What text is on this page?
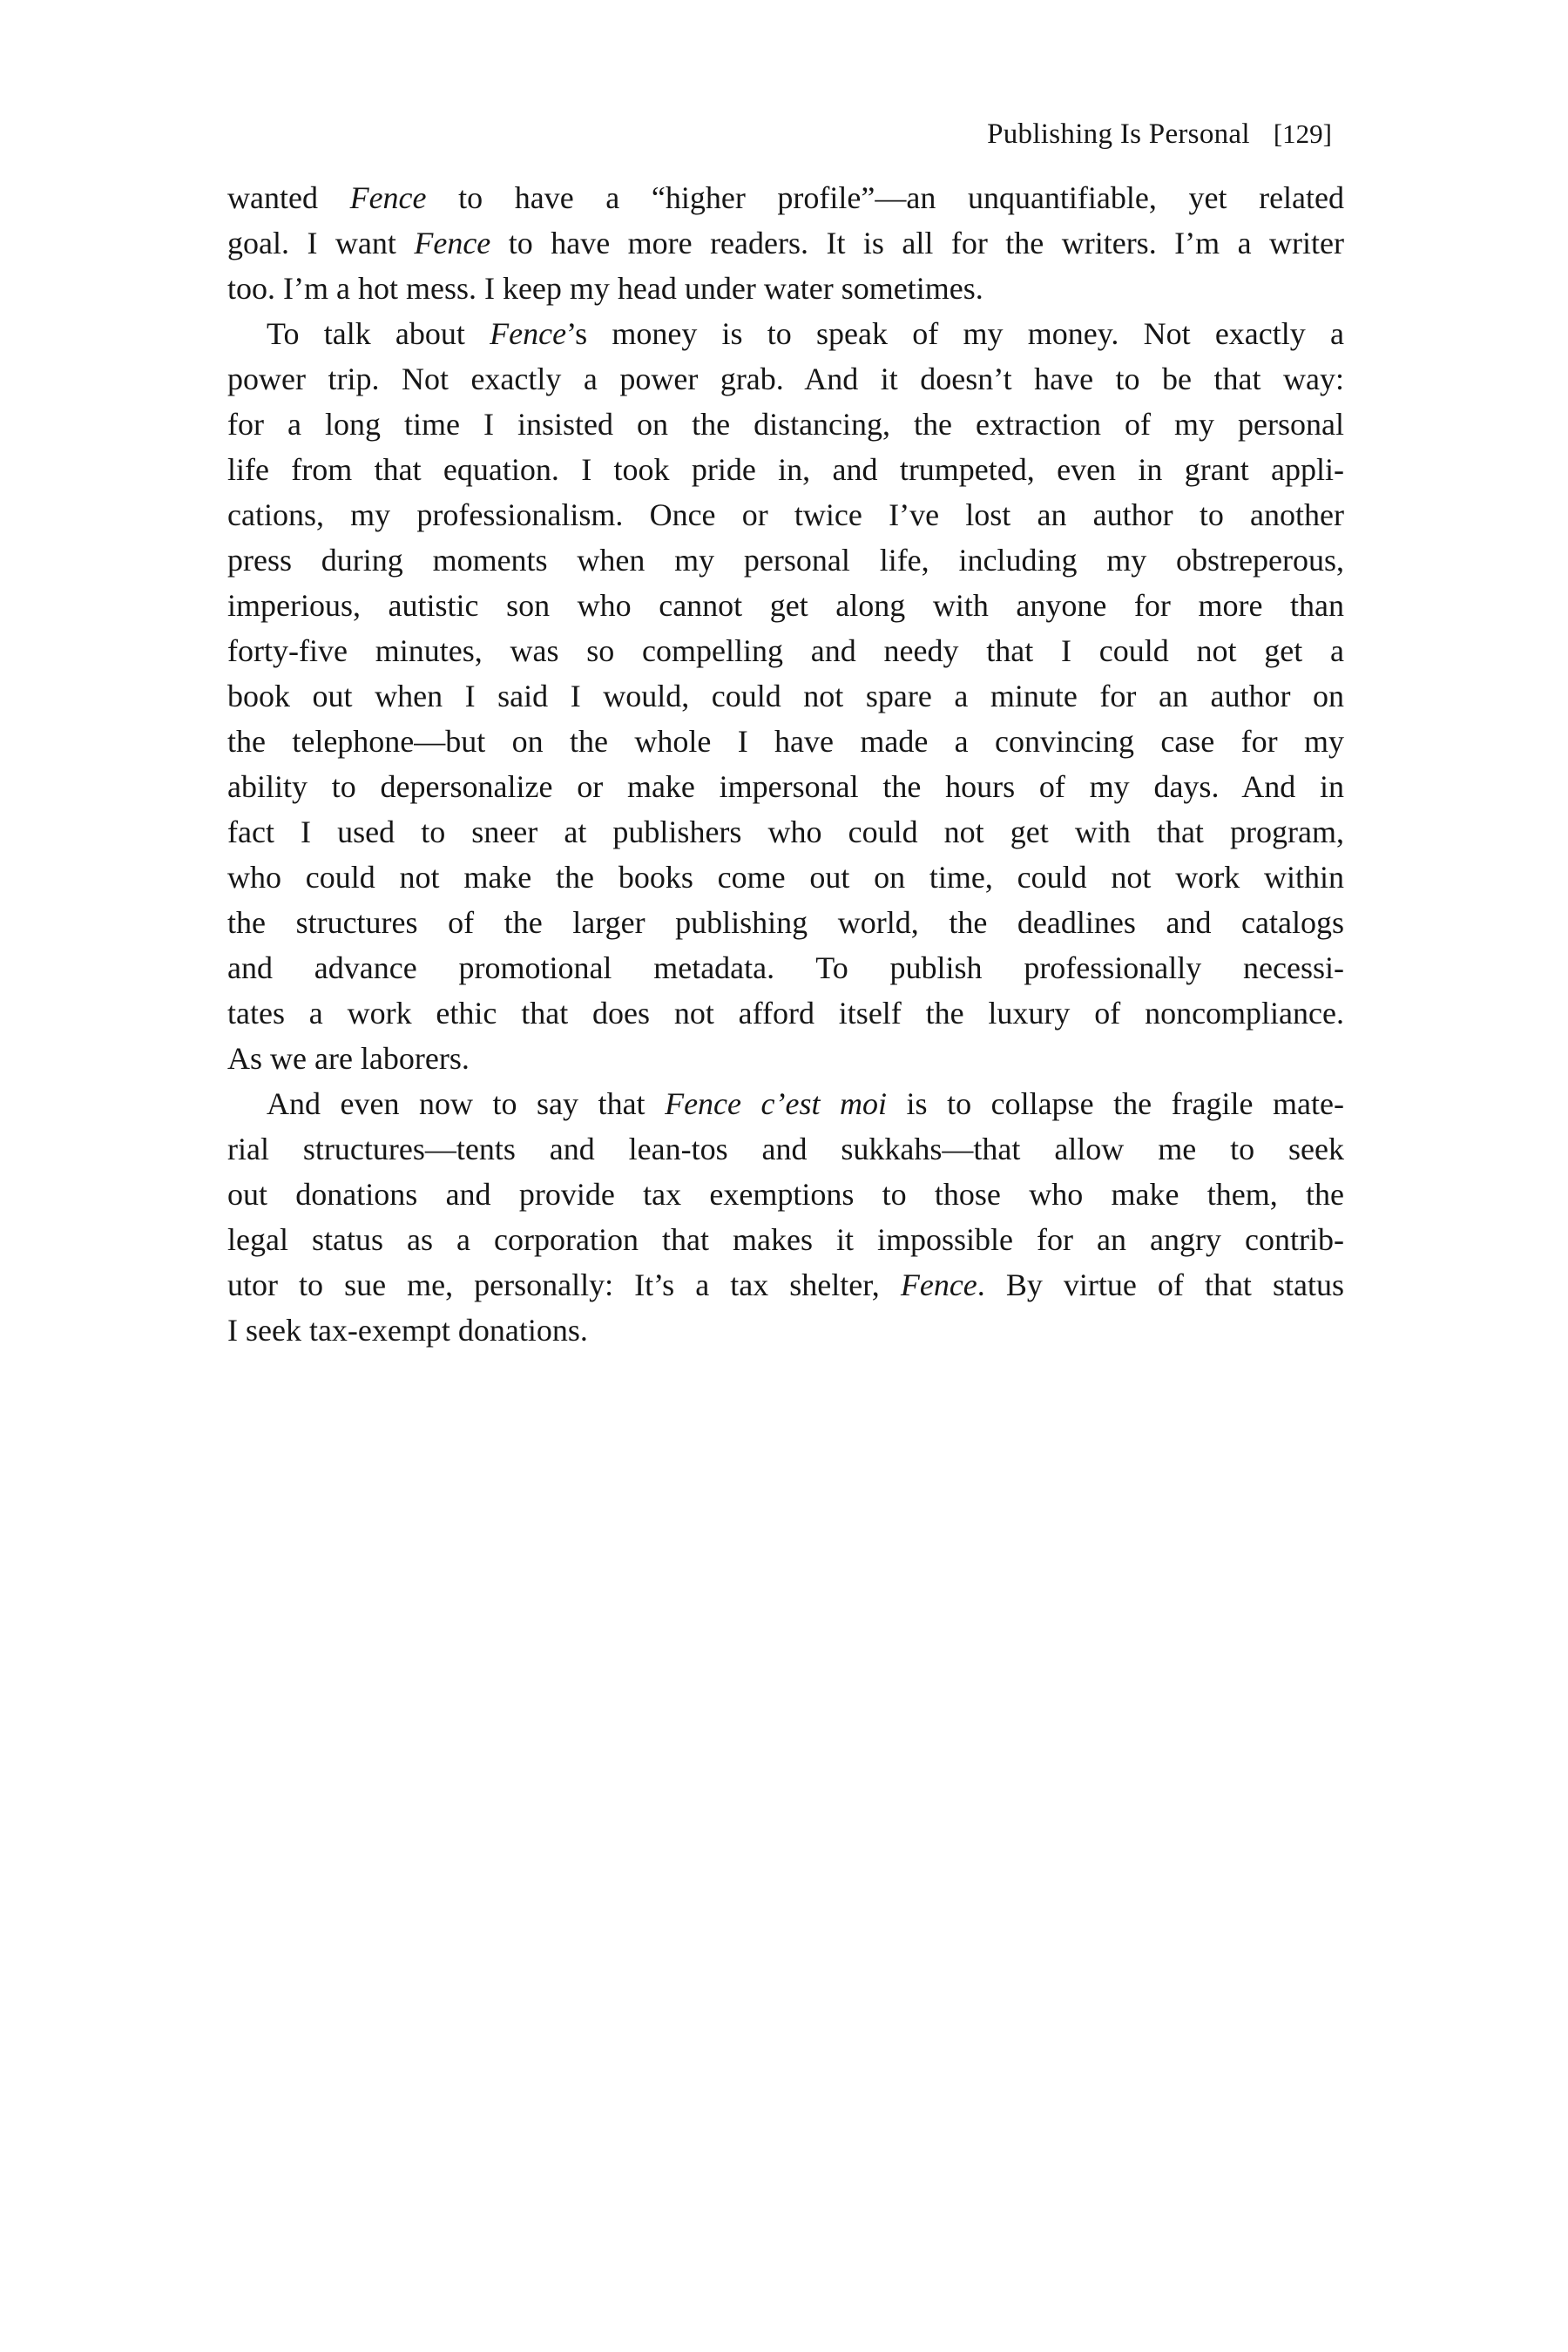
Publishing Is Personal [129]
wanted Fence to have a “higher profile”—an unquantifiable, yet related
goal. I want Fence to have more readers. It is all for the writers. I’m a writer
too. I’m a hot mess. I keep my head under water sometimes.
To talk about Fence’s money is to speak of my money. Not exactly a
power trip. Not exactly a power grab. And it doesn’t have to be that way:
for a long time I insisted on the distancing, the extraction of my personal
life from that equation. I took pride in, and trumpeted, even in grant appli-
cations, my professionalism. Once or twice I’ve lost an author to another
press during moments when my personal life, including my obstreperous,
imperious, autistic son who cannot get along with anyone for more than
forty-five minutes, was so compelling and needy that I could not get a
book out when I said I would, could not spare a minute for an author on
the telephone—but on the whole I have made a convincing case for my
ability to depersonalize or make impersonal the hours of my days. And in
fact I used to sneer at publishers who could not get with that program,
who could not make the books come out on time, could not work within
the structures of the larger publishing world, the deadlines and catalogs
and advance promotional metadata. To publish professionally necessi-
tates a work ethic that does not afford itself the luxury of noncompliance.
As we are laborers.
And even now to say that Fence c’est moi is to collapse the fragile mate-
rial structures—tents and lean-tos and sukkahs—that allow me to seek
out donations and provide tax exemptions to those who make them, the
legal status as a corporation that makes it impossible for an angry contrib-
utor to sue me, personally: It’s a tax shelter, Fence. By virtue of that status
I seek tax-exempt donations.
